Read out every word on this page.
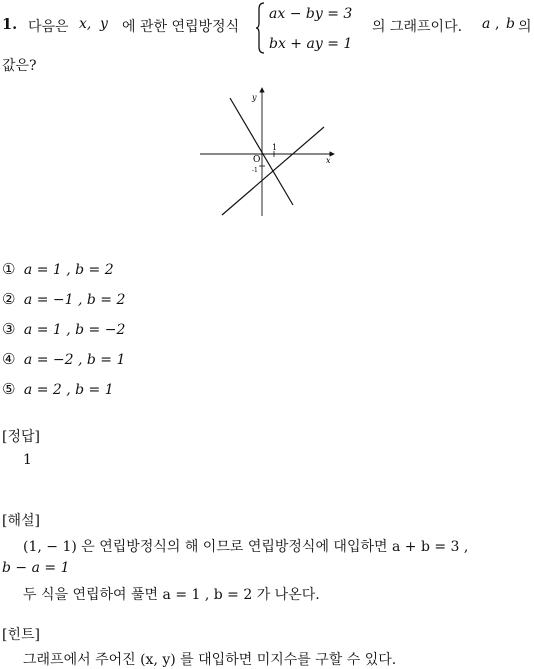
1. 다음은 x, y 에 관한 연립방정식
ax − by = 3
bx + ay = 1
의 그래프이다. a , b 의
값은?
y
x
O
1
-1
① a = 1 , b = 2
② a = −1 , b = 2
③ a = 1 , b = −2
④ a = −2 , b = 1
⑤ a = 2 , b = 1
[정답]
1
[해설]
(1, − 1) 은 연립방정식의 해 이므로 연립방정식에 대입하면 a + b = 3 ,
b − a = 1
두 식을 연립하여 풀면 a = 1 , b = 2 가 나온다.
[힌트]
그래프에서 주어진 (x, y) 를 대입하면 미지수를 구할 수 있다.
